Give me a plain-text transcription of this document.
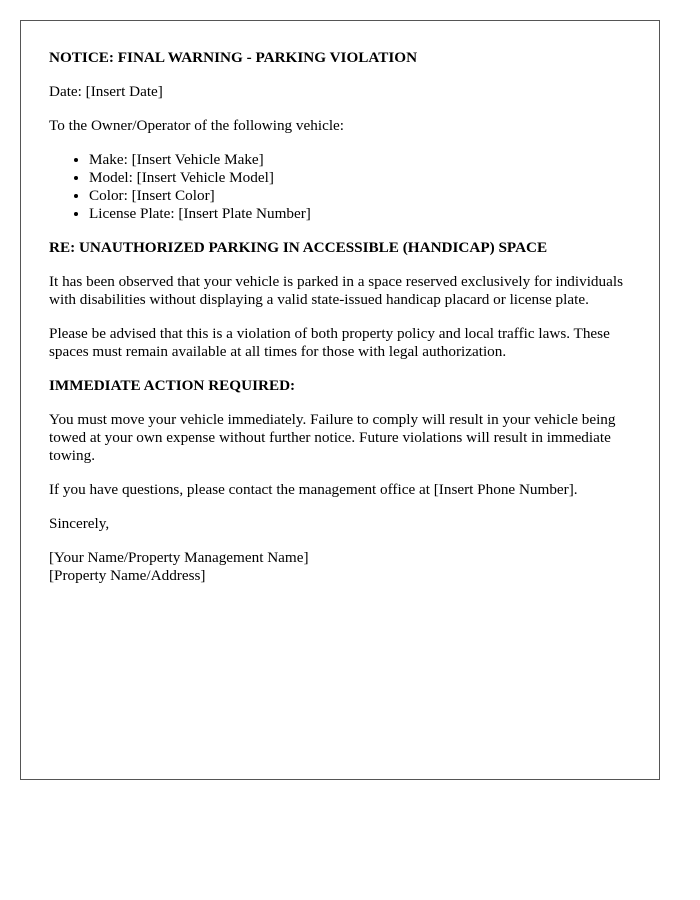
NOTICE: FINAL WARNING - PARKING VIOLATION

Date: [Insert Date]

To the Owner/Operator of the following vehicle:

• Make: [Insert Vehicle Make]
• Model: [Insert Vehicle Model]
• Color: [Insert Color]
• License Plate: [Insert Plate Number]

RE: UNAUTHORIZED PARKING IN ACCESSIBLE (HANDICAP) SPACE

It has been observed that your vehicle is parked in a space reserved exclusively for individuals with disabilities without displaying a valid state-issued handicap placard or license plate.

Please be advised that this is a violation of both property policy and local traffic laws. These spaces must remain available at all times for those with legal authorization.

IMMEDIATE ACTION REQUIRED:

You must move your vehicle immediately. Failure to comply will result in your vehicle being towed at your own expense without further notice. Future violations will result in immediate towing.

If you have questions, please contact the management office at [Insert Phone Number].

Sincerely,

[Your Name/Property Management Name]
[Property Name/Address]
